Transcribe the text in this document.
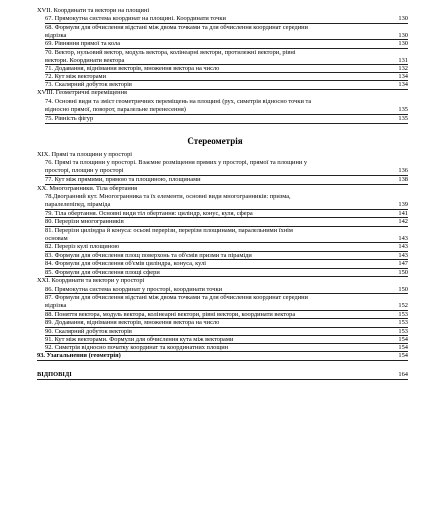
XVII. Координати та вектори на площині
67. Прямокутна система координат на площині. Координати точки	130
68. Формули для обчислення відстані між двома точками та для обчислення координат середини
відрізка	130
69. Рівняння прямої та кола	130
70. Вектор, нульовий вектор, модуль вектора, колінеарні вектори, протилежні вектори, рівні
вектори. Координати вектора	131
71. Додавання, віднімання векторів, множення вектора на число	132
72. Кут між векторами	134
73. Скалярний добуток векторів	134
XVIII. Геометричні переміщення
74. Основні види та зміст геометричних переміщень на площині (рух, симетрія відносно точки та
відносно прямої, поворот, паралельне перенесення)	135
75. Рівність фігур	135
Стереометрія
XIX. Прямі та площини у просторі
76. Прямі та площини у просторі. Взаємне розміщення прямих у просторі, прямої та площини у
просторі, площин у просторі	136
77. Кут між прямими, прямою та площиною, площинами	138
XX. Многогранники. Тіла обертання
78.Двогранний кут. Многогранника та їх елементи, основні види многогранників: призма,
паралелепіпед, піраміда	139
79. Тіла обертання. Основні види тіл обертання: циліндр, конус, куля, сфера	141
80. Перерізи многогранників	142
81. Перерізи циліндра й конуса: осьові перерізи, перерізи площинами, паралельними їхнім
основам	143
82. Переріз кулі площиною	143
83. Формули для обчислення площ поверхонь та об'ємів призми та піраміди	143
84. Формули для обчислення об'ємів циліндра, конуса, кулі	147
85. Формули для обчислення площі сфери	150
XXI. Координати та вектори у просторі
86. Прямокутна система координат у просторі, координати точки	150
87. Формули для обчислення відстані між двома точками та для обчислення координат середини
відрізка	152
88. Поняття вектора, модуль вектора, колінеарні вектори, рівні вектори, координати вектора	153
89. Додавання, віднімання векторів, множення вектора на число	153
90. Скалярний добуток векторів	153
91. Кут між векторами. Формули для обчислення кута між векторами	154
92. Симетрія відносно початку координат та координатних площин	154
93. Узагальнення (геометрія)	154
ВІДПОВІДІ	164
